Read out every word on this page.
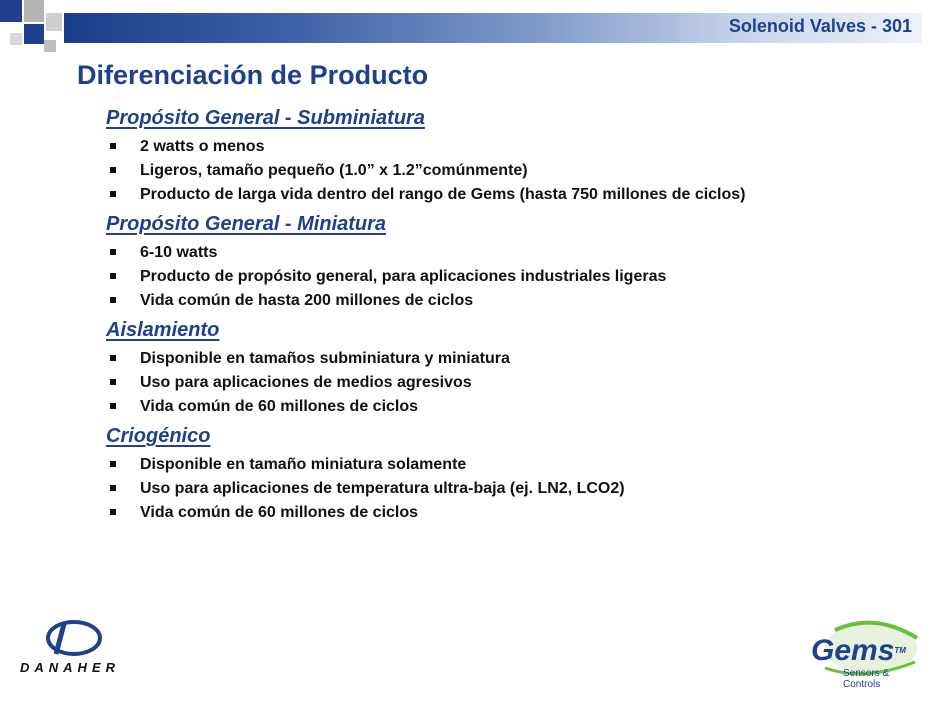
Solenoid Valves - 301
Diferenciación de Producto
Propósito General - Subminiatura
2 watts o menos
Ligeros, tamaño pequeño (1.0” x 1.2”comúnmente)
Producto de larga vida dentro del rango de Gems (hasta 750 millones de ciclos)
Propósito General - Miniatura
6-10 watts
Producto de propósito general, para aplicaciones industriales ligeras
Vida común de hasta 200 millones de ciclos
Aislamiento
Disponible en tamaños subminiatura y miniatura
Uso para aplicaciones de medios agresivos
Vida común de 60 millones de ciclos
Criogénico
Disponible en tamaño miniatura solamente
Uso para aplicaciones de temperatura ultra-baja (ej. LN2, LCO2)
Vida común de 60 millones de ciclos
DANAHER
Gems™
Sensors & Controls
